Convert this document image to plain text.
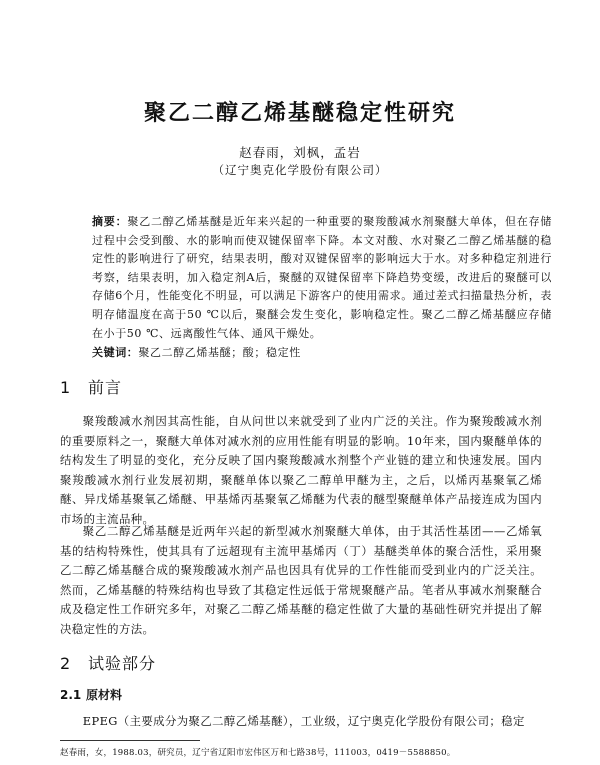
聚乙二醇乙烯基醚稳定性研究
赵春雨，刘枫，孟岩
（辽宁奥克化学股份有限公司）
摘要：聚乙二醇乙烯基醚是近年来兴起的一种重要的聚羧酸减水剂聚醚大单体，但在存储过程中会受到酸、水的影响而使双键保留率下降。本文对酸、水对聚乙二醇乙烯基醚的稳定性的影响进行了研究，结果表明，酸对双键保留率的影响远大于水。对多种稳定剂进行考察，结果表明，加入稳定剂A后，聚醚的双键保留率下降趋势变缓，改进后的聚醚可以存储6个月，性能变化不明显，可以满足下游客户的使用需求。通过差式扫描量热分析，表明存储温度在高于50 ℃以后，聚醚会发生变化，影响稳定性。聚乙二醇乙烯基醚应存储在小于50 ℃、远离酸性气体、通风干燥处。
关键词：聚乙二醇乙烯基醚；酸；稳定性
1 前言
聚羧酸减水剂因其高性能，自从问世以来就受到了业内广泛的关注。作为聚羧酸减水剂的重要原料之一，聚醚大单体对减水剂的应用性能有明显的影响。10年来，国内聚醚单体的结构发生了明显的变化，充分反映了国内聚羧酸减水剂整个产业链的建立和快速发展。国内聚羧酸减水剂行业发展初期，聚醚单体以聚乙二醇单甲醚为主，之后，以烯丙基聚氧乙烯醚、异戊烯基聚氧乙烯醚、甲基烯丙基聚氧乙烯醚为代表的醚型聚醚单体产品接连成为国内市场的主流品种。
聚乙二醇乙烯基醚是近两年兴起的新型减水剂聚醚大单体，由于其活性基团——乙烯氧基的结构特殊性，使其具有了远超现有主流甲基烯丙（丁）基醚类单体的聚合活性，采用聚乙二醇乙烯基醚合成的聚羧酸减水剂产品也因具有优异的工作性能而受到业内的广泛关注。然而，乙烯基醚的特殊结构也导致了其稳定性远低于常规聚醚产品。笔者从事减水剂聚醚合成及稳定性工作研究多年，对聚乙二醇乙烯基醚的稳定性做了大量的基础性研究并提出了解决稳定性的方法。
2 试验部分
2.1 原材料
EPEG（主要成分为聚乙二醇乙烯基醚），工业级，辽宁奥克化学股份有限公司；稳定
赵春雨，女，1988.03，研究员，辽宁省辽阳市宏伟区万和七路38号，111003，0419－5588850。
